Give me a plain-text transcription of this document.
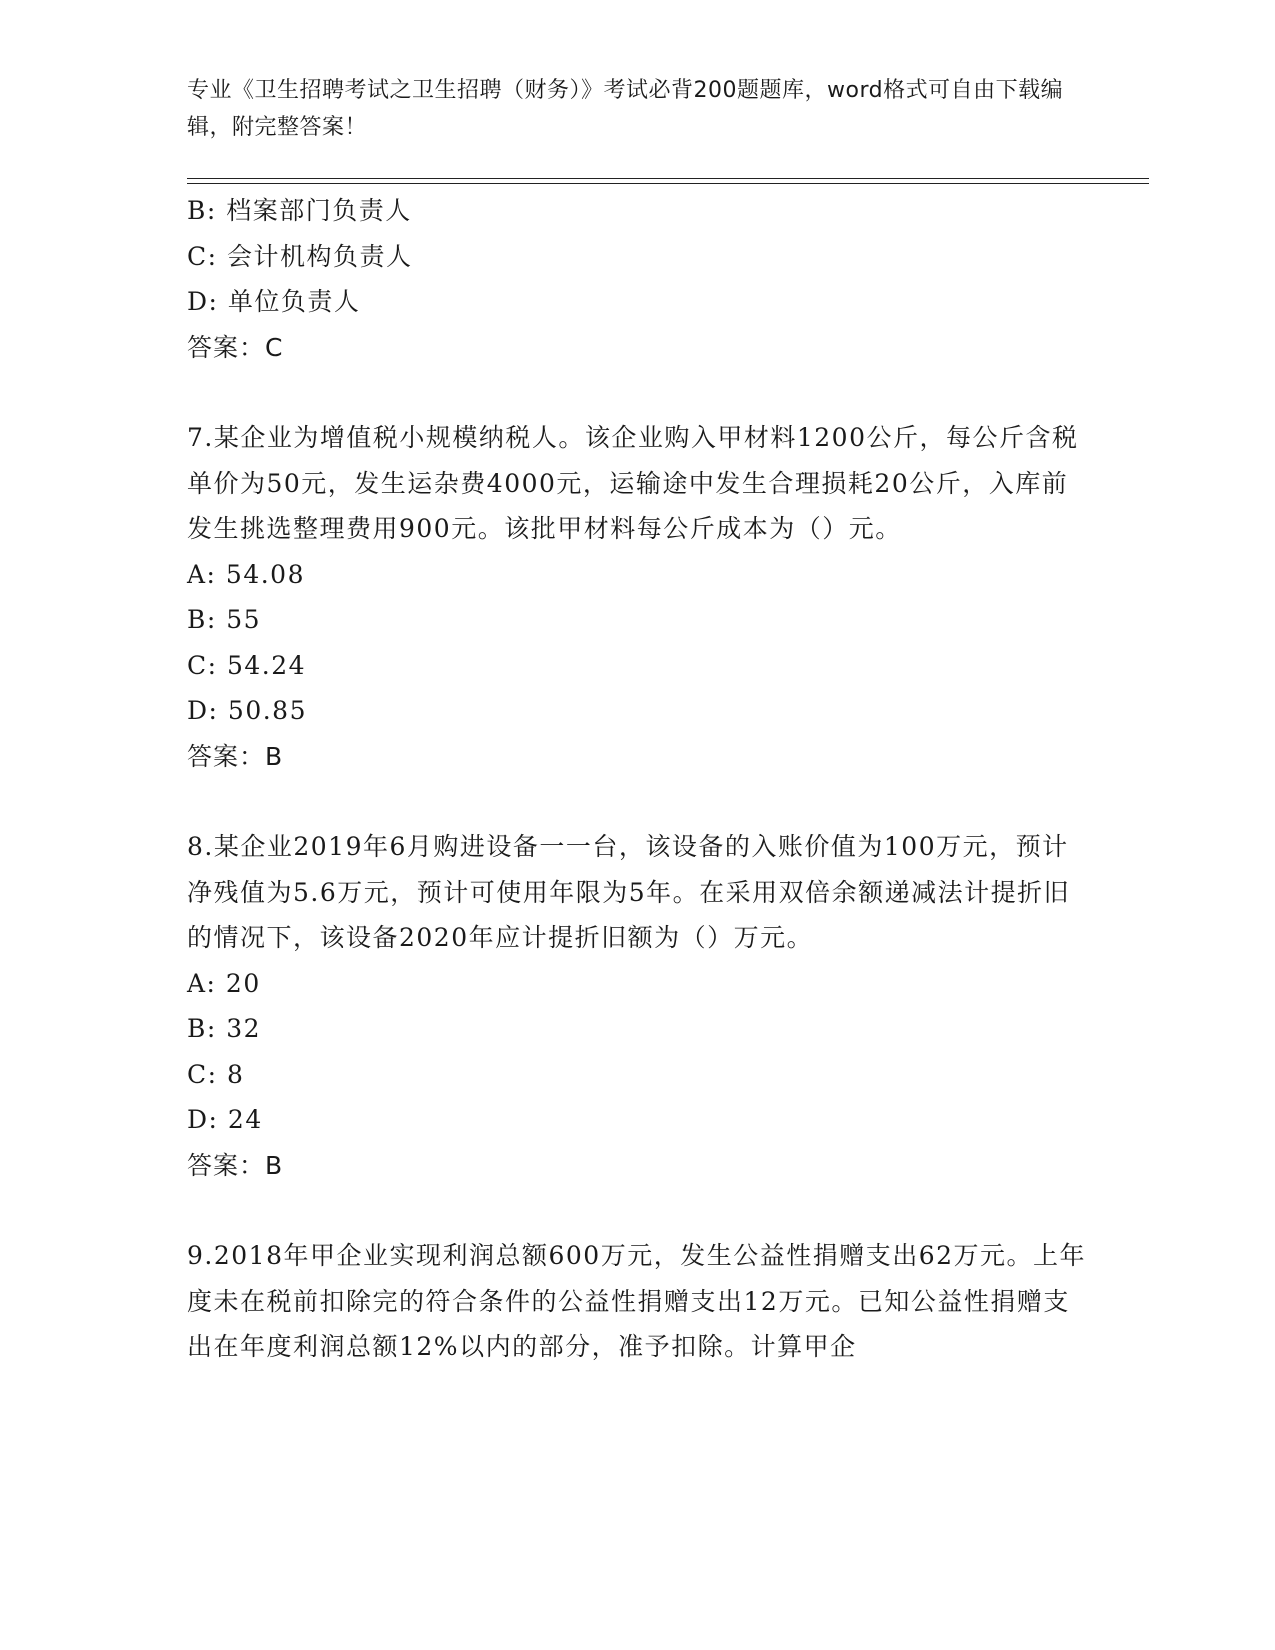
专业《卫生招聘考试之卫生招聘（财务）》考试必背200题题库，word格式可自由下载编辑，附完整答案！

B: 档案部门负责人

C: 会计机构负责人

D: 单位负责人

答案：C

7.某企业为增值税小规模纳税人。该企业购入甲材料1200公斤，每公斤含税单价为50元，发生运杂费4000元，运输途中发生合理损耗20公斤，入库前发生挑选整理费用900元。该批甲材料每公斤成本为（）元。

A: 54.08

B: 55

C: 54.24

D: 50.85

答案：B

8.某企业2019年6月购进设备一一台，该设备的入账价值为100万元，预计净残值为5.6万元，预计可使用年限为5年。在采用双倍余额递减法计提折旧的情况下，该设备2020年应计提折旧额为（）万元。

A: 20

B: 32

C: 8

D: 24

答案：B

9.2018年甲企业实现利润总额600万元，发生公益性捐赠支出62万元。上年度未在税前扣除完的符合条件的公益性捐赠支出12万元。已知公益性捐赠支出在年度利润总额12%以内的部分，准予扣除。计算甲企
